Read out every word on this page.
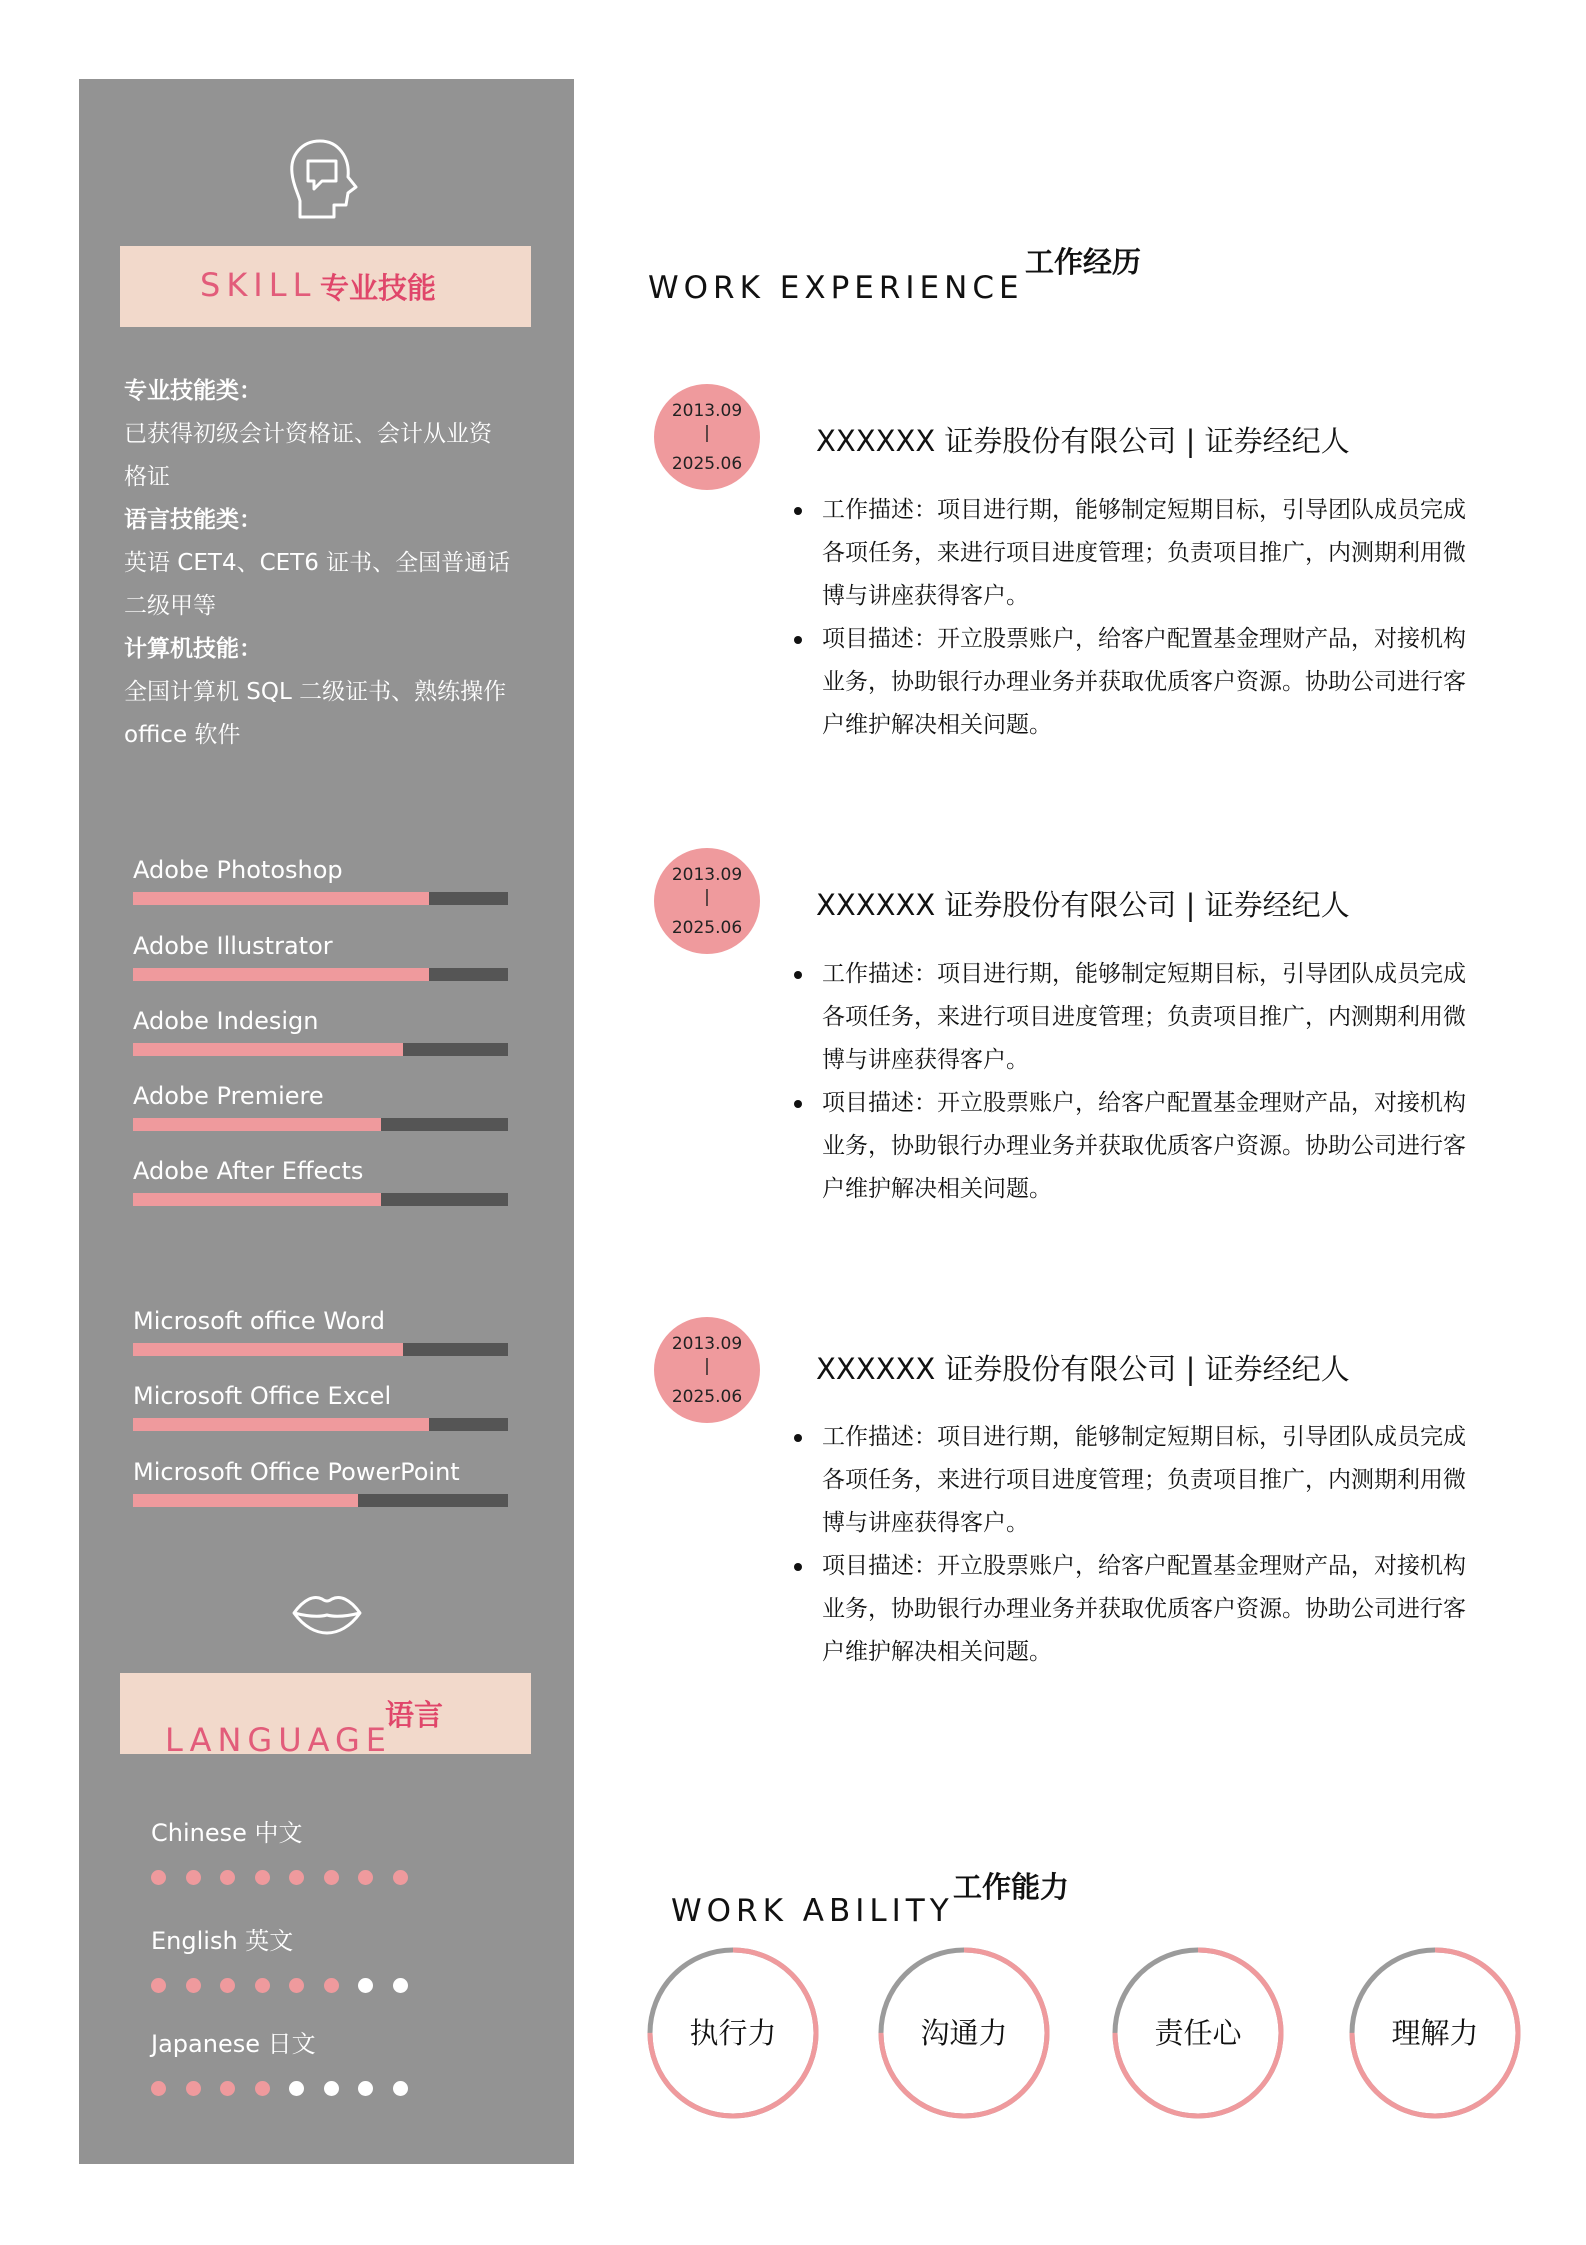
SKILL 专业技能
专业技能类：
已获得初级会计资格证、会计从业资
格证
语言技能类：
英语 CET4、CET6 证书、全国普通话
二级甲等
计算机技能：
全国计算机 SQL 二级证书、熟练操作
office 软件
Adobe Photoshop
Adobe Illustrator
Adobe Indesign
Adobe Premiere
Adobe After Effects
Microsoft office Word
Microsoft Office Excel
Microsoft Office PowerPoint
LANGUAGE
语言
Chinese 中文
English 英文
Japanese 日文
WORK EXPERIENCE
工作经历
2013.09
|
2025.06
XXXXXX 证券股份有限公司 | 证券经纪人
工作描述：项目进行期，能够制定短期目标，引导团队成员完成
各项任务，来进行项目进度管理；负责项目推广，内测期利用微
博与讲座获得客户。
项目描述：开立股票账户，给客户配置基金理财产品，对接机构
业务，协助银行办理业务并获取优质客户资源。协助公司进行客
户维护解决相关问题。
2013.09
|
2025.06
XXXXXX 证券股份有限公司 | 证券经纪人
工作描述：项目进行期，能够制定短期目标，引导团队成员完成
各项任务，来进行项目进度管理；负责项目推广，内测期利用微
博与讲座获得客户。
项目描述：开立股票账户，给客户配置基金理财产品，对接机构
业务，协助银行办理业务并获取优质客户资源。协助公司进行客
户维护解决相关问题。
2013.09
|
2025.06
XXXXXX 证券股份有限公司 | 证券经纪人
工作描述：项目进行期，能够制定短期目标，引导团队成员完成
各项任务，来进行项目进度管理；负责项目推广，内测期利用微
博与讲座获得客户。
项目描述：开立股票账户，给客户配置基金理财产品，对接机构
业务，协助银行办理业务并获取优质客户资源。协助公司进行客
户维护解决相关问题。
WORK ABILITY
工作能力
执行力	沟通力	责任心	理解力
